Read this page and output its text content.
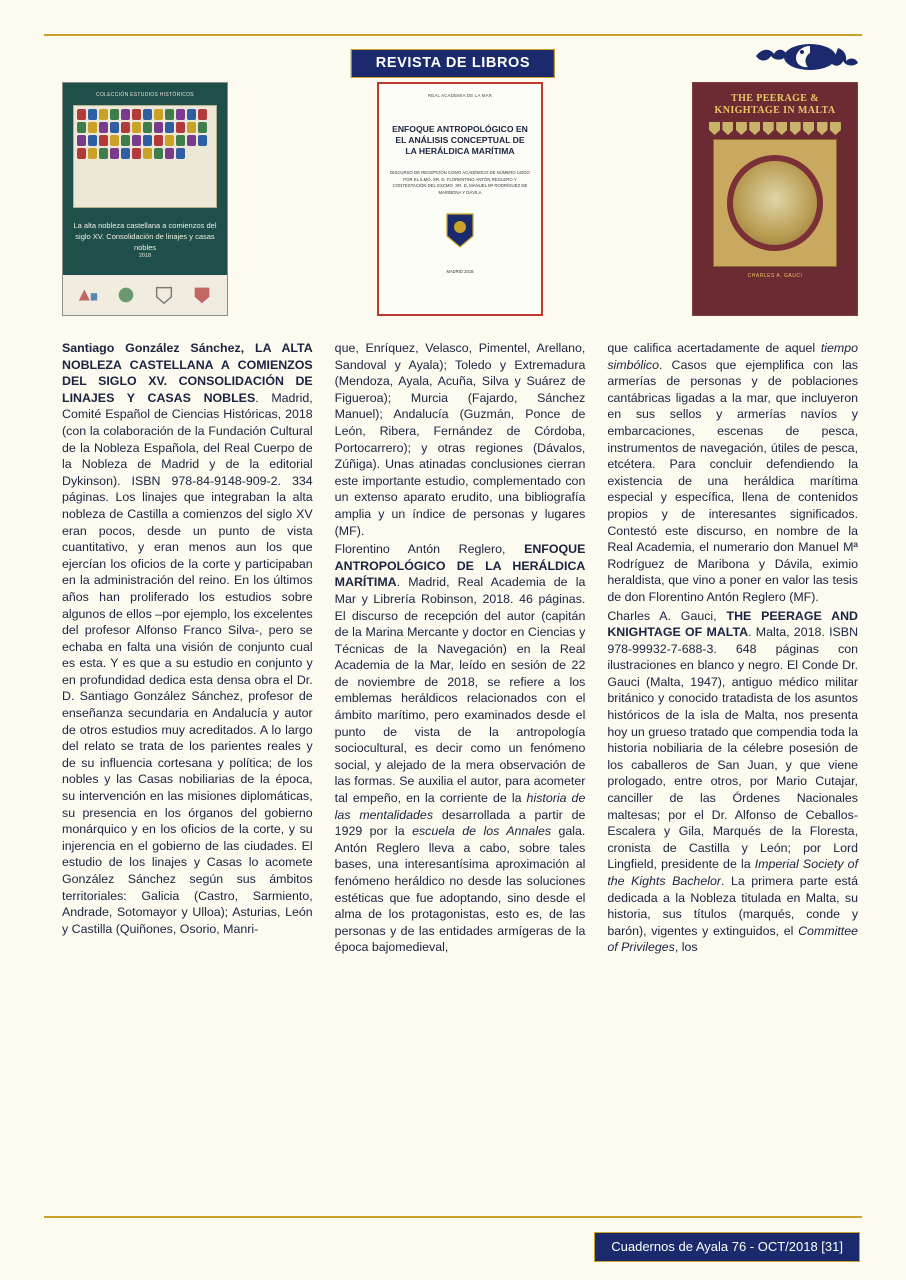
REVISTA DE LIBROS
COLECCIÓN ESTUDIOS HISTÓRICOS
La alta nobleza castellana a comienzos del siglo XV. Consolidación de linajes y casas nobles
2018
REAL ACADEMIA DE LA MAR
ENFOQUE ANTROPOLÓGICO EN EL ANÁLISIS CONCEPTUAL DE LA HERÁLDICA MARÍTIMA
DISCURSO DE RECEPCIÓN COMO ACADÉMICO DE NÚMERO LEÍDO POR EL ILMO. SR. D. FLORENTINO ANTÓN REGLERO Y CONTESTACIÓN DEL EXCMO. SR. D. MANUEL Mª RODRÍGUEZ DE MARIBONA Y DÁVILA
MADRID 2018
THE PEERAGE & KNIGHTAGE IN MALTA
CHARLES A. GAUCI

Santiago González Sánchez, LA ALTA NOBLEZA CASTELLANA A COMIENZOS DEL SIGLO XV. CONSOLIDACIÓN DE LINAJES Y CASAS NOBLES. Madrid, Comité Español de Ciencias Históricas, 2018 (con la colaboración de la Fundación Cultural de la Nobleza Española, del Real Cuerpo de la Nobleza de Madrid y de la editorial Dykinson). ISBN 978-84-9148-909-2. 334 páginas. Los linajes que integraban la alta nobleza de Castilla a comienzos del siglo XV eran pocos, desde un punto de vista cuantitativo, y eran menos aun los que ejercían los oficios de la corte y participaban en la administración del reino. En los últimos años han proliferado los estudios sobre algunos de ellos –por ejemplo, los excelentes del profesor Alfonso Franco Silva-, pero se echaba en falta una visión de conjunto cual es esta. Y es que a su estudio en conjunto y en profundidad dedica esta densa obra el Dr. D. Santiago González Sánchez, profesor de enseñanza secundaria en Andalucía y autor de otros estudios muy acreditados. A lo largo del relato se trata de los parientes reales y de su influencia cortesana y política; de los nobles y las Casas nobiliarias de la época, su intervención en las misiones diplomáticas, su presencia en los órganos del gobierno monárquico y en los oficios de la corte, y su injerencia en el gobierno de las ciudades. El estudio de los linajes y Casas lo acomete González Sánchez según sus ámbitos territoriales: Galicia (Castro, Sarmiento, Andrade, Sotomayor y Ulloa); Asturias, León y Castilla (Quiñones, Osorio, Manri-

que, Enríquez, Velasco, Pimentel, Arellano, Sandoval y Ayala); Toledo y Extremadura (Mendoza, Ayala, Acuña, Silva y Suárez de Figueroa); Murcia (Fajardo, Sánchez Manuel); Andalucía (Guzmán, Ponce de León, Ribera, Fernández de Córdoba, Portocarrero); y otras regiones (Dávalos, Zúñiga). Unas atinadas conclusiones cierran este importante estudio, complementado con un extenso aparato erudito, una bibliografía amplia y un índice de personas y lugares (MF).

Florentino Antón Reglero, ENFOQUE ANTROPOLÓGICO DE LA HERÁLDICA MARÍTIMA. Madrid, Real Academia de la Mar y Librería Robinson, 2018. 46 páginas. El discurso de recepción del autor (capitán de la Marina Mercante y doctor en Ciencias y Técnicas de la Navegación) en la Real Academia de la Mar, leído en sesión de 22 de noviembre de 2018, se refiere a los emblemas heráldicos relacionados con el ámbito marítimo, pero examinados desde el punto de vista de la antropología sociocultural, es decir como un fenómeno social, y alejado de la mera observación de las formas. Se auxilia el autor, para acometer tal empeño, en la corriente de la historia de las mentalidades desarrollada a partir de 1929 por la escuela de los Annales gala. Antón Reglero lleva a cabo, sobre tales bases, una interesantísima aproximación al fenómeno heráldico no desde las soluciones estéticas que fue adoptando, sino desde el alma de los protagonistas, esto es, de las personas y de las entidades armígeras de la época bajomedieval,

que califica acertadamente de aquel tiempo simbólico. Casos que ejemplifica con las armerías de personas y de poblaciones cantábricas ligadas a la mar, que incluyeron en sus sellos y armerías navíos y embarcaciones, escenas de pesca, instrumentos de navegación, útiles de pesca, etcétera. Para concluir defendiendo la existencia de una heráldica marítima especial y específica, llena de contenidos propios y de interesantes significados. Contestó este discurso, en nombre de la Real Academia, el numerario don Manuel Mª Rodríguez de Maribona y Dávila, eximio heraldista, que vino a poner en valor las tesis de don Florentino Antón Reglero (MF).

Charles A. Gauci, THE PEERAGE AND KNIGHTAGE OF MALTA. Malta, 2018. ISBN 978-99932-7-688-3. 648 páginas con ilustraciones en blanco y negro. El Conde Dr. Gauci (Malta, 1947), antiguo médico militar británico y conocido tratadista de los asuntos históricos de la isla de Malta, nos presenta hoy un grueso tratado que compendia toda la historia nobiliaria de la célebre posesión de los caballeros de San Juan, y que viene prologado, entre otros, por Mario Cutajar, canciller de las Órdenes Nacionales maltesas; por el Dr. Alfonso de Ceballos-Escalera y Gila, Marqués de la Floresta, cronista de Castilla y León; por Lord Lingfield, presidente de la Imperial Society of the Kights Bachelor. La primera parte está dedicada a la Nobleza titulada en Malta, su historia, sus títulos (marqués, conde y barón), vigentes y extinguidos, el Committee of Privileges, los

Cuadernos de Ayala 76 - OCT/2018 [31]
